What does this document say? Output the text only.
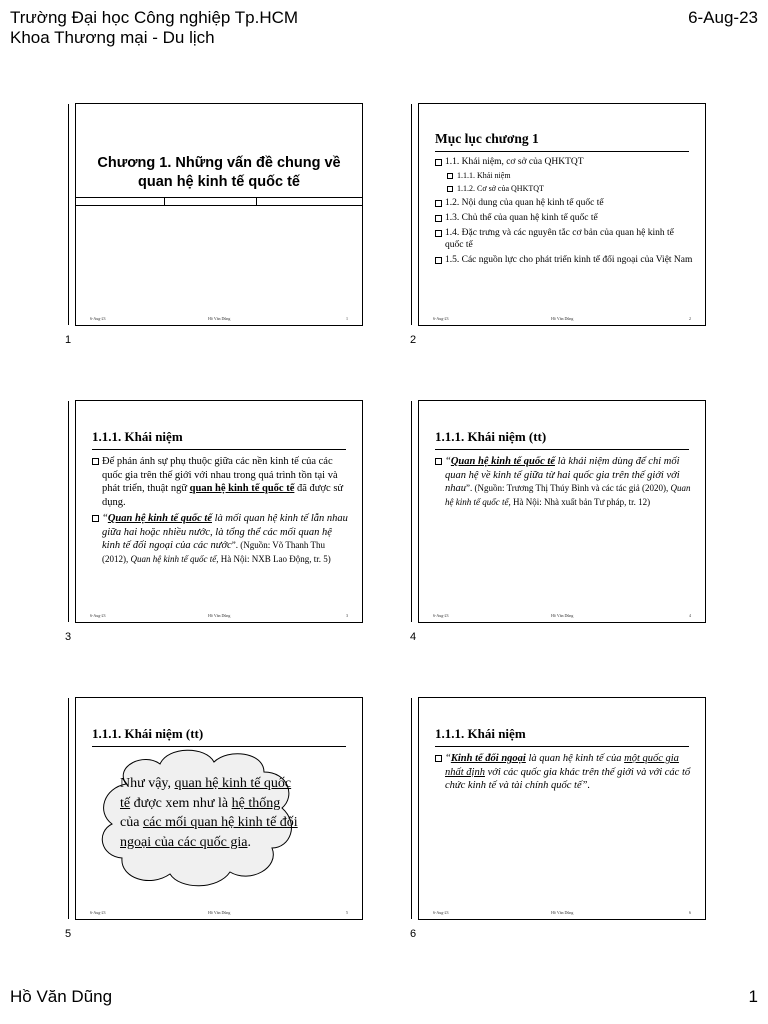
Trường Đại học Công nghiệp Tp.HCM
Khoa Thương mại - Du lịch
6-Aug-23
Chương 1. Những vấn đề chung về quan hệ kinh tế quốc tế
6-Aug-23	Hồ Văn Dũng	1
1
Mục lục chương 1
1.1. Khái niệm, cơ sở của QHKTQT
1.1.1. Khái niệm
1.1.2. Cơ sở của QHKTQT
1.2. Nội dung của quan hệ kinh tế quốc tế
1.3. Chủ thể của quan hệ kinh tế quốc tế
1.4. Đặc trưng và các nguyên tắc cơ bản của quan hệ kinh tế quốc tế
1.5. Các nguồn lực cho phát triển kinh tế đối ngoại của Việt Nam
6-Aug-23	Hồ Văn Dũng	2
2
1.1.1. Khái niệm
Để phản ánh sự phụ thuộc giữa các nền kinh tế của các quốc gia trên thế giới với nhau trong quá trình tồn tại và phát triển, thuật ngữ quan hệ kinh tế quốc tế đã được sử dụng.
“Quan hệ kinh tế quốc tế là mối quan hệ kinh tế lẫn nhau giữa hai hoặc nhiều nước, là tổng thể các mối quan hệ kinh tế đối ngoại của các nước”. (Nguồn: Võ Thanh Thu (2012), Quan hệ kinh tế quốc tế, Hà Nội: NXB Lao Động, tr. 5)
6-Aug-23	Hồ Văn Dũng	3
3
1.1.1. Khái niệm (tt)
“Quan hệ kinh tế quốc tế là khái niệm dùng để chỉ mối quan hệ về kinh tế giữa từ hai quốc gia trên thế giới với nhau”. (Nguồn: Trương Thị Thúy Bình và các tác giả (2020), Quan hệ kinh tế quốc tế, Hà Nội: Nhà xuất bản Tư pháp, tr. 12)
6-Aug-23	Hồ Văn Dũng	4
4
1.1.1. Khái niệm (tt)
Như vậy, quan hệ kinh tế quốc tế được xem như là hệ thống của các mối quan hệ kinh tế đối ngoại của các quốc gia.
6-Aug-23	Hồ Văn Dũng	5
5
1.1.1. Khái niệm
“Kinh tế đối ngoại là quan hệ kinh tế của một quốc gia nhất định với các quốc gia khác trên thế giới và với các tổ chức kinh tế và tài chính quốc tế”.
6-Aug-23	Hồ Văn Dũng	6
6
Hồ Văn Dũng	1
